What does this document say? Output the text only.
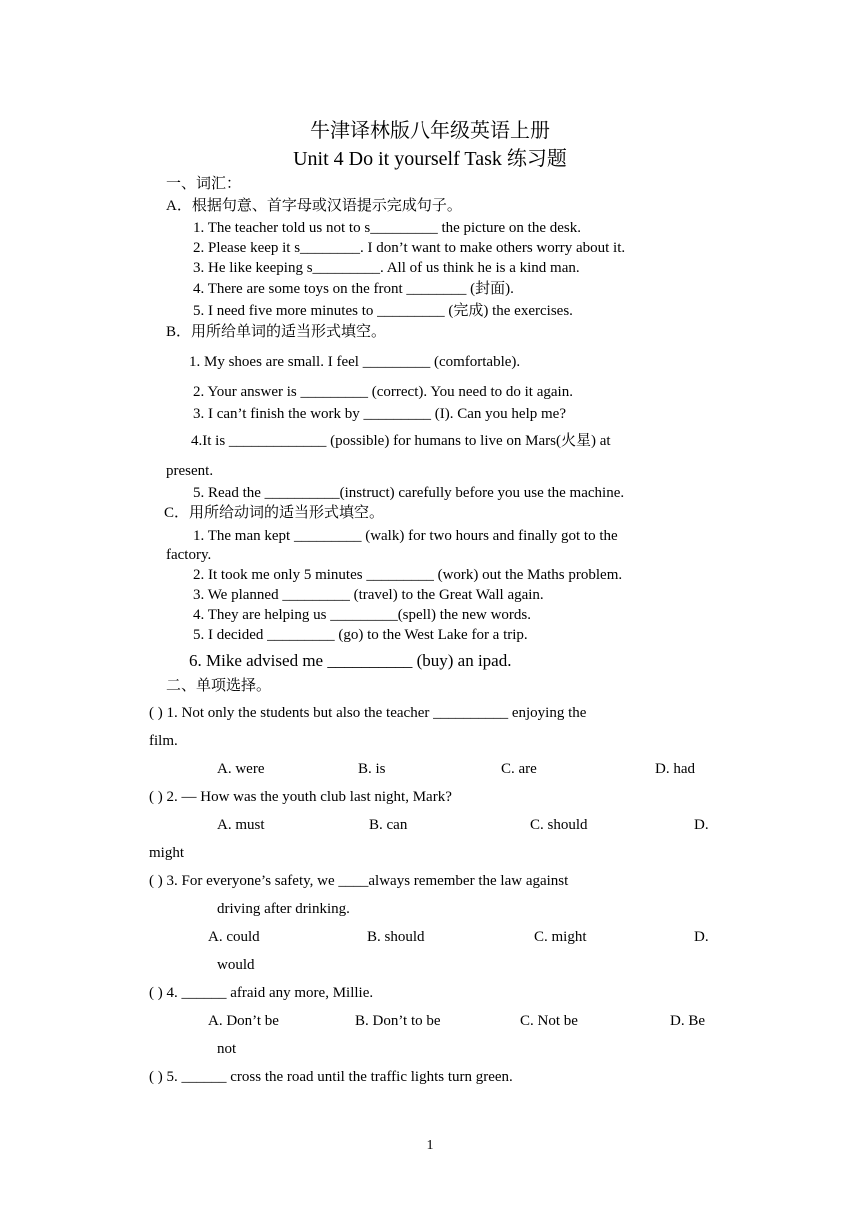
牛津译林版八年级英语上册
Unit 4 Do it yourself Task 练习题
一、词汇：
A．根据句意、首字母或汉语提示完成句子。
1. The teacher told us not to s_________ the picture on the desk.
2. Please keep it s________. I don’t want to make others worry about it.
3. He like keeping s_________. All of us think he is a kind man.
4. There are some toys on the front ________ (封面).
5. I need five more minutes to _________ (完成) the exercises.
B．用所给单词的适当形式填空。
1. My shoes are small. I feel _________ (comfortable).
2. Your answer is _________ (correct). You need to do it again.
3. I can’t finish the work by _________ (I). Can you help me?
4.It is _____________ (possible) for humans to live on Mars(火星) at
present.
5. Read the __________(instruct) carefully before you use the machine.
C．用所给动词的适当形式填空。
1. The man kept _________ (walk) for two hours and finally got to the
factory.
2. It took me only 5 minutes _________ (work) out the Maths problem.
3. We planned _________ (travel) to the Great Wall again.
4. They are helping us _________(spell) the new words.
5. I decided _________ (go) to the West Lake for a trip.
6. Mike advised me __________ (buy) an ipad.
二、单项选择。
( ) 1. Not only the students but also the teacher __________ enjoying the
film.
A. were	B. is	C. are	D. had
( ) 2. — How was the youth club last night, Mark?
A. must	B. can	C. should	D.
might
( ) 3. For everyone’s safety, we ____always remember the law against
driving after drinking.
A. could	B. should	C. might	D.
would
( ) 4. ______ afraid any more, Millie.
A. Don’t be	B. Don’t to be	C. Not be	D. Be
not
( ) 5. ______ cross the road until the traffic lights turn green.
1
